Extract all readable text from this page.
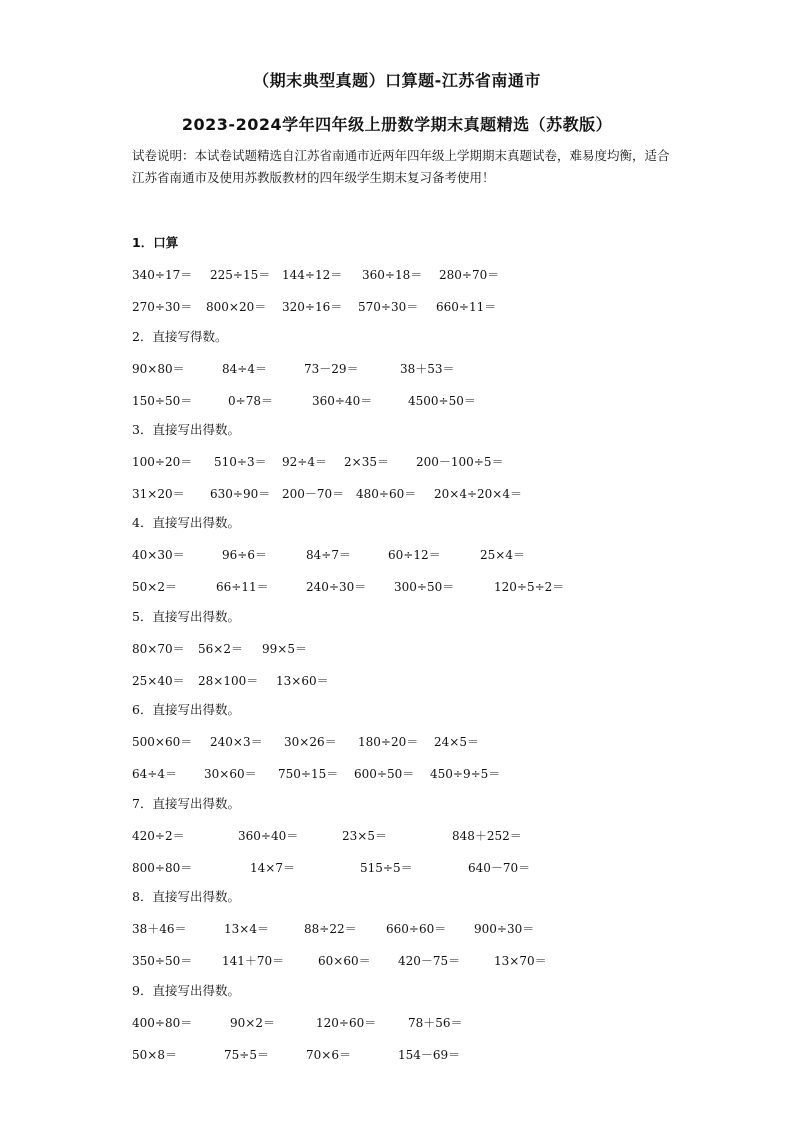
（期末典型真题）口算题-江苏省南通市
2023-2024学年四年级上册数学期末真题精选（苏教版）
试卷说明：本试卷试题精选自江苏省南通市近两年四年级上学期期末真题试卷，难易度均衡，适合江苏省南通市及使用苏教版教材的四年级学生期末复习备考使用！
1．口算
340÷17＝ 225÷15＝ 144÷12＝ 360÷18＝ 280÷70＝
270÷30＝ 800×20＝ 320÷16＝ 570÷30＝ 660÷11＝
2．直接写得数。
90×80＝	84÷4＝	73－29＝	38＋53＝
150÷50＝	0÷78＝	360÷40＝	4500÷50＝
3．直接写出得数。
100÷20＝ 510÷3＝ 92÷4＝ 2×35＝ 200－100÷5＝
31×20＝ 630÷90＝ 200－70＝ 480÷60＝ 20×4÷20×4＝
4．直接写出得数。
40×30＝	96÷6＝	84÷7＝	60÷12＝	25×4＝
50×2＝	66÷11＝	240÷30＝ 300÷50＝	120÷5÷2＝
5．直接写出得数。
80×70＝ 56×2＝ 99×5＝
25×40＝ 28×100＝ 13×60＝
6．直接写出得数。
500×60＝ 240×3＝ 30×26＝ 180÷20＝ 24×5＝
64÷4＝ 30×60＝ 750÷15＝ 600÷50＝ 450÷9÷5＝
7．直接写出得数。
420÷2＝	360÷40＝	23×5＝	848＋252＝
800÷80＝	14×7＝	515÷5＝	640－70＝
8．直接写出得数。
38＋46＝	13×4＝	88÷22＝ 660÷60＝ 900÷30＝
350÷50＝ 141＋70＝	60×60＝ 420－75＝	13×70＝
9．直接写出得数。
400÷80＝	90×2＝	120÷60＝	78＋56＝
50×8＝	75÷5＝	70×6＝	154－69＝
